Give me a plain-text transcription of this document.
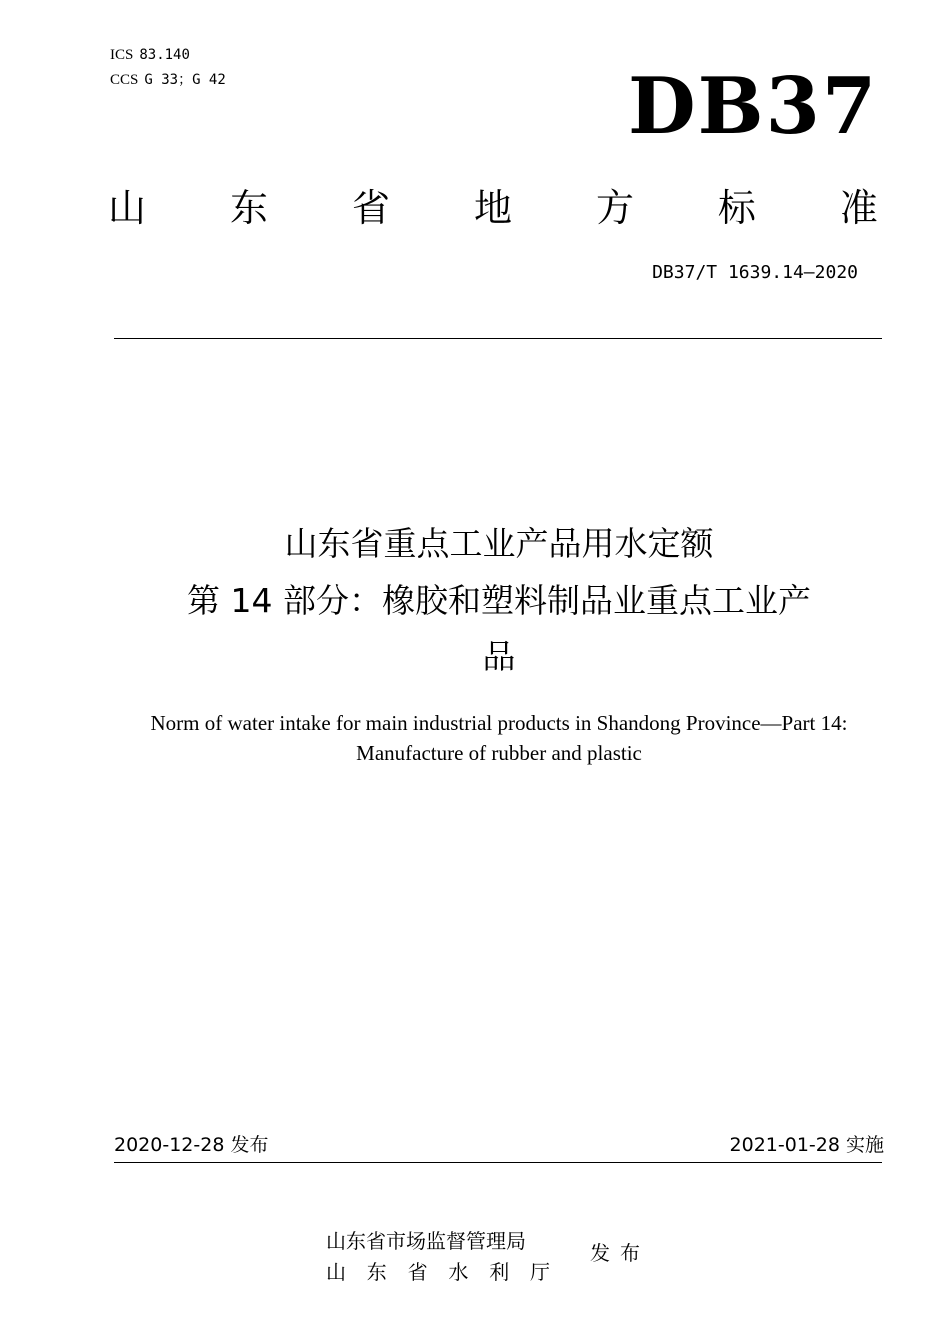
ICS 83.140
CCS G 33；G 42	DB37
山 东 省 地 方 标 准
DB37/T 1639.14—2020
山东省重点工业产品用水定额
第 14 部分：橡胶和塑料制品业重点工业产
品
Norm of water intake for main industrial products in Shandong Province—Part 14:
Manufacture of rubber and plastic
2020-12-28 发布	2021-01-28 实施
山东省市场监督管理局
山 东 省 水 利 厅
发布
